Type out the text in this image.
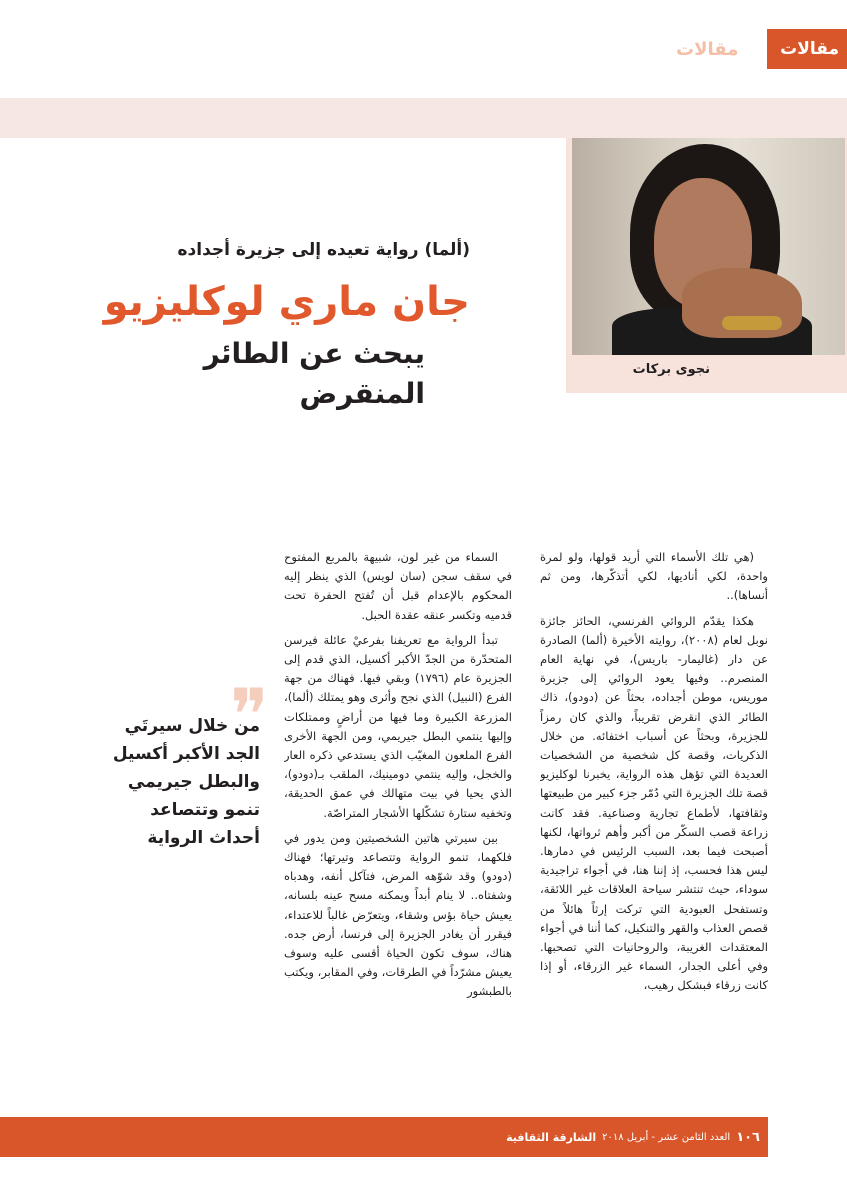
مقالات	مقالات
نجوى بركات
(ألما) رواية تعيده إلى جزيرة أجداده
جان ماري لوكليزيو
يبحث عن الطائر المنقرض
❞
من خلال سيرتَي الجد الأكبر أكسيل والبطل جيريمي تنمو وتتصاعد أحداث الرواية

(هي تلك الأسماء التي أريد قولها، ولو لمرة واحدة، لكي أناديها، لكي أتذكّرها، ومن ثم أنساها)..

هكذا يقدّم الروائي الفرنسي، الحائز جائزة نوبل لعام (٢٠٠٨)، روايته الأخيرة (ألما) الصادرة عن دار (غاليمار- باريس)، في نهاية العام المنصرم.. وفيها يعود الروائي إلى جزيرة موريس، موطن أجداده، بحثاً عن (دودو)، ذاك الطائر الذي انقرض تقريباً، والذي كان رمزاً للجزيرة، وبحثاً عن أسباب اختفائه. من خلال الذكريات، وقصة كل شخصية من الشخصيات العديدة التي تؤهل هذه الرواية، يخبرنا لوكليزيو قصة تلك الجزيرة التي دُمّر جزء كبير من طبيعتها وثقافتها، لأطماع تجارية وصناعية. فقد كانت زراعة قصب السكّر من أكبر وأهم ثرواتها، لكنها أصبحت فيما بعد، السبب الرئيس في دمارها. ليس هذا فحسب، إذ إننا هنا، في أجواء تراجيدية سوداء، حيث تنتشر سياحة العلاقات غير اللائقة، وتستفحل العبودية التي تركت إرثاً هائلاً من قصص العذاب والقهر والتنكيل، كما أننا في أجواء المعتقدات الغريبة، والروحانيات التي تصحبها. وفي أعلى الجدار، السماء غير الزرقاء، أو إذا كانت زرقاء فبشكل رهيب،

السماء من غير لون، شبيهة بالمربع المفتوح في سقف سجن (سان لويس) الذي ينظر إليه المحكوم بالإعدام قبل أن تُفتح الحفرة تحت قدميه وتكسر عنقه عقدة الحبل.

تبدأ الرواية مع تعريفنا بفرعيْ عائلة فيرسن المتحدّرة من الجدّ الأكبر أكسيل، الذي قدم إلى الجزيرة عام (١٧٩٦) وبقي فيها. فهناك من جهة الفرع (النبيل) الذي نجح وأثرى وهو يمتلك (ألما)، المزرعة الكبيرة وما فيها من أراضٍ وممتلكات وإليها ينتمي البطل جيريمي، ومن الجهة الأخرى الفرع الملعون المغيّب الذي يستدعي ذكره العار والخجل، وإليه ينتمي دومينيك، الملقب بـ(دودو)، الذي يحيا في بيت متهالك في عمق الحديقة، وتخفيه ستارة تشكّلها الأشجار المتراصّة.

بين سيرتي هاتين الشخصيتين ومن يدور في فلكهما، تنمو الرواية وتتصاعد وتيرتها؛ فهناك (دودو) وقد شوّهه المرض، فتآكل أنفه، وهدباه وشفتاه.. لا ينام أبداً ويمكنه مسح عينه بلسانه، يعيش حياة بؤس وشقاء، ويتعرّض غالباً للاعتداء، فيقرر أن يغادر الجزيرة إلى فرنسا، أرض جده. هناك، سوف تكون الحياة أقسى عليه وسوف يعيش مشرّداً في الطرقات، وفي المقابر، ويكتب بالطبشور

١٠٦
العدد الثامن عشر - أبريل ٢٠١٨
الشارقة الثقافية
